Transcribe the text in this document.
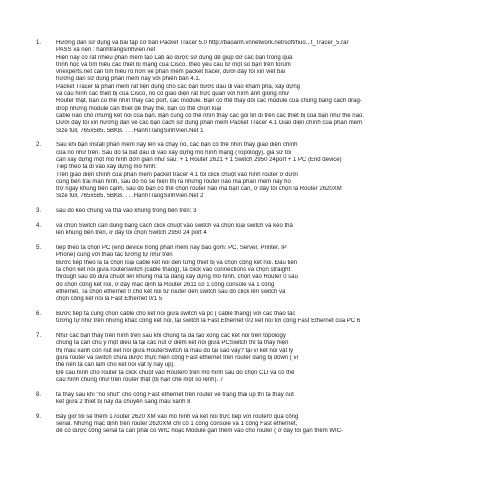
1.	Hướng dẫn sử dụng và bài tập cơ bản Packet Tracer 5.0 http://baoanh.vnnetwork.net/soft/huo...t_Tracer_5.rar
PASS xả nén : hanhtrangsinhvien.net
Hiện nay có rất nhiều phần mềm tạo Lab ảo được sử dụng để giúp đỡ các bạn trong quá
trình học và tìm hiểu các thiết bị mạng của Cisco. theo yêu cầu từ một số bạn trên forum
vnexperts.net cần tìm hiểu rõ hơn về phần mềm packet tracer, dưới đây tôi xin viết bài
hướng dẫn sử dụng phần mềm này với phiên bản 4.1.
Packet Tracer là phần mềm rất tiện dụng cho các bạn bước đầu đi vào khám phá, xây dựng
và cấu hình các thiết bị của Cisco, nó có giao diện rất trực quan với hình ảnh giống như
Router thật, bạn có thể nhìn thấy các port, các module. Bạn có thể thay đổi các module của chúng bằng cách drag-
drop những module cần thiết để thay thế, bạn có thể chọn loại
cable nào cho những kết nối của bạn. Bạn cũng có thể nhìn thấy các gói tin đi trên các thiết bị của bạn như thế nào.
Dưới đây tôi xin hướng dẫn về các bạn cách sử dụng phần mềm Packet Tracer 4.1 Giao diện chính của phần mềm
Size full, 765x585, 5BKB. . . .HanhTrangSinhVien.Net 1
2.	Sau khi bạn install phần mềm này lên và chạy nó, các bạn có thể nhìn thấy giao diện chính
của nó như trên. Sau đó ta bắt đầu đi vào xây dựng mô hình mạng (Topology), giả sử tôi
cần xây dựng một mô hình đơn giản như sau: + 1 Router 2621 + 1 Switch 2950 24port + 1 PC (End device)
Tiếp theo ta đi vào xây dựng mô hình:
Trên giao diện chính của phần mềm packet tracer 4.1 tôi click chuột vào hình router ở dưới
cùng bên trái màn hình, sau đó nó sẽ hiện thị ra những router nào mà phần mềm này hỗ
trợ ngay khung bên cạnh, sau đó bạn có thể chọn router nào mà bạn cần, ở đây tôi chọn là Router 2620XM
Size full, 765x585, 5BKB. . . .HanhTrangSinhVien.Net 2
3.	sau đó kéo chúng và thả vào khung trống bên trên: 3
4.	và chọn Switch cần dùng bằng cách click chuột vào switch và chọn loại switch và kéo thả
lên khung bên trên, ở đây tôi chọn Switch 2950 24 port 4
5.	tiếp theo ta chọn PC (end device trong phần mềm này bao gồm: PC, Server, Printer, IP
Phone) cũng với thao tác tương tự như trên
Bước tiếp theo là ta chọn loại cable kết nối đến từng thiết bị và chọn cổng kết nối. Đầu tiên
ta chọn kết nối giữa routerswitch (cable thẳng), ta click vào connections và chọn straight
through sau đó đưa chuột lên khung mà ta đang xây dựng mô hình, chọn vào Router 0 sau
đó chọn cổng kết nối, ở đây mặc định là Router 2611 có 1 cổng console và 1 cổng
ethernet. Ta chọn ethernet 0 cho kết nối từ router đến switch sau đó click lên switch và
chọn cổng kết nối là Fast Ethernet 0/1 5
6.	Bước tiếp ta cũng chọn cable cho kết nối giữa switch và pc ( cable thẳng) với các thao tác
tương tự như trên nhưng khác cổng kết nối, tại switch là Fast Ethernet 0/2 kết nối tới cổng Fast Ethernet của PC 6
7.	Như các bạn thấy trên hình trên sau khi chúng ta đã tạo xong các kết nối trên topology
chúng ta cần chú ý một điều là tại các nút ở điểm kết nối giữa PCSwitch thì ta thấy hiện
thị màu xanh còn nút kết nối giữa RouterSwitch là màu đỏ tại sao vậy? tại vì kết nối vật lý
giữa router và switch chưa được thực hiện cổng Fast ethernet trên router đang bị down ( vì
thế nên ta cần làm cho kết nối vật lý này up).
Để cấu hình cho router ta click chuột vào Router0 trên mô hình sau đó chọn CLI và có thể
cấu hình chúng như trên router thật (bị hạn chế một số lệnh). 7
8.	ta thấy sau khi "no shut" cho cổng Fast ethernet trên router về trạng thái up thì ta thấy nút
kết giữa 2 thiết bị này đã chuyển sang màu xanh 8
9.	Bây giờ tôi sẽ thêm 1 router 2620 XM vào mô hình và kết nối trực tiếp với router0 qua cổng
serial. Nhưng mặc định trên router 2620XM chỉ có 1 cổng console và 1 cổng Fast ethernet,
để có được cổng serial ta cần phải có WIC hoặc Module gắn thêm vào cho router ( ở đây tôi gắn thêm WIC-
